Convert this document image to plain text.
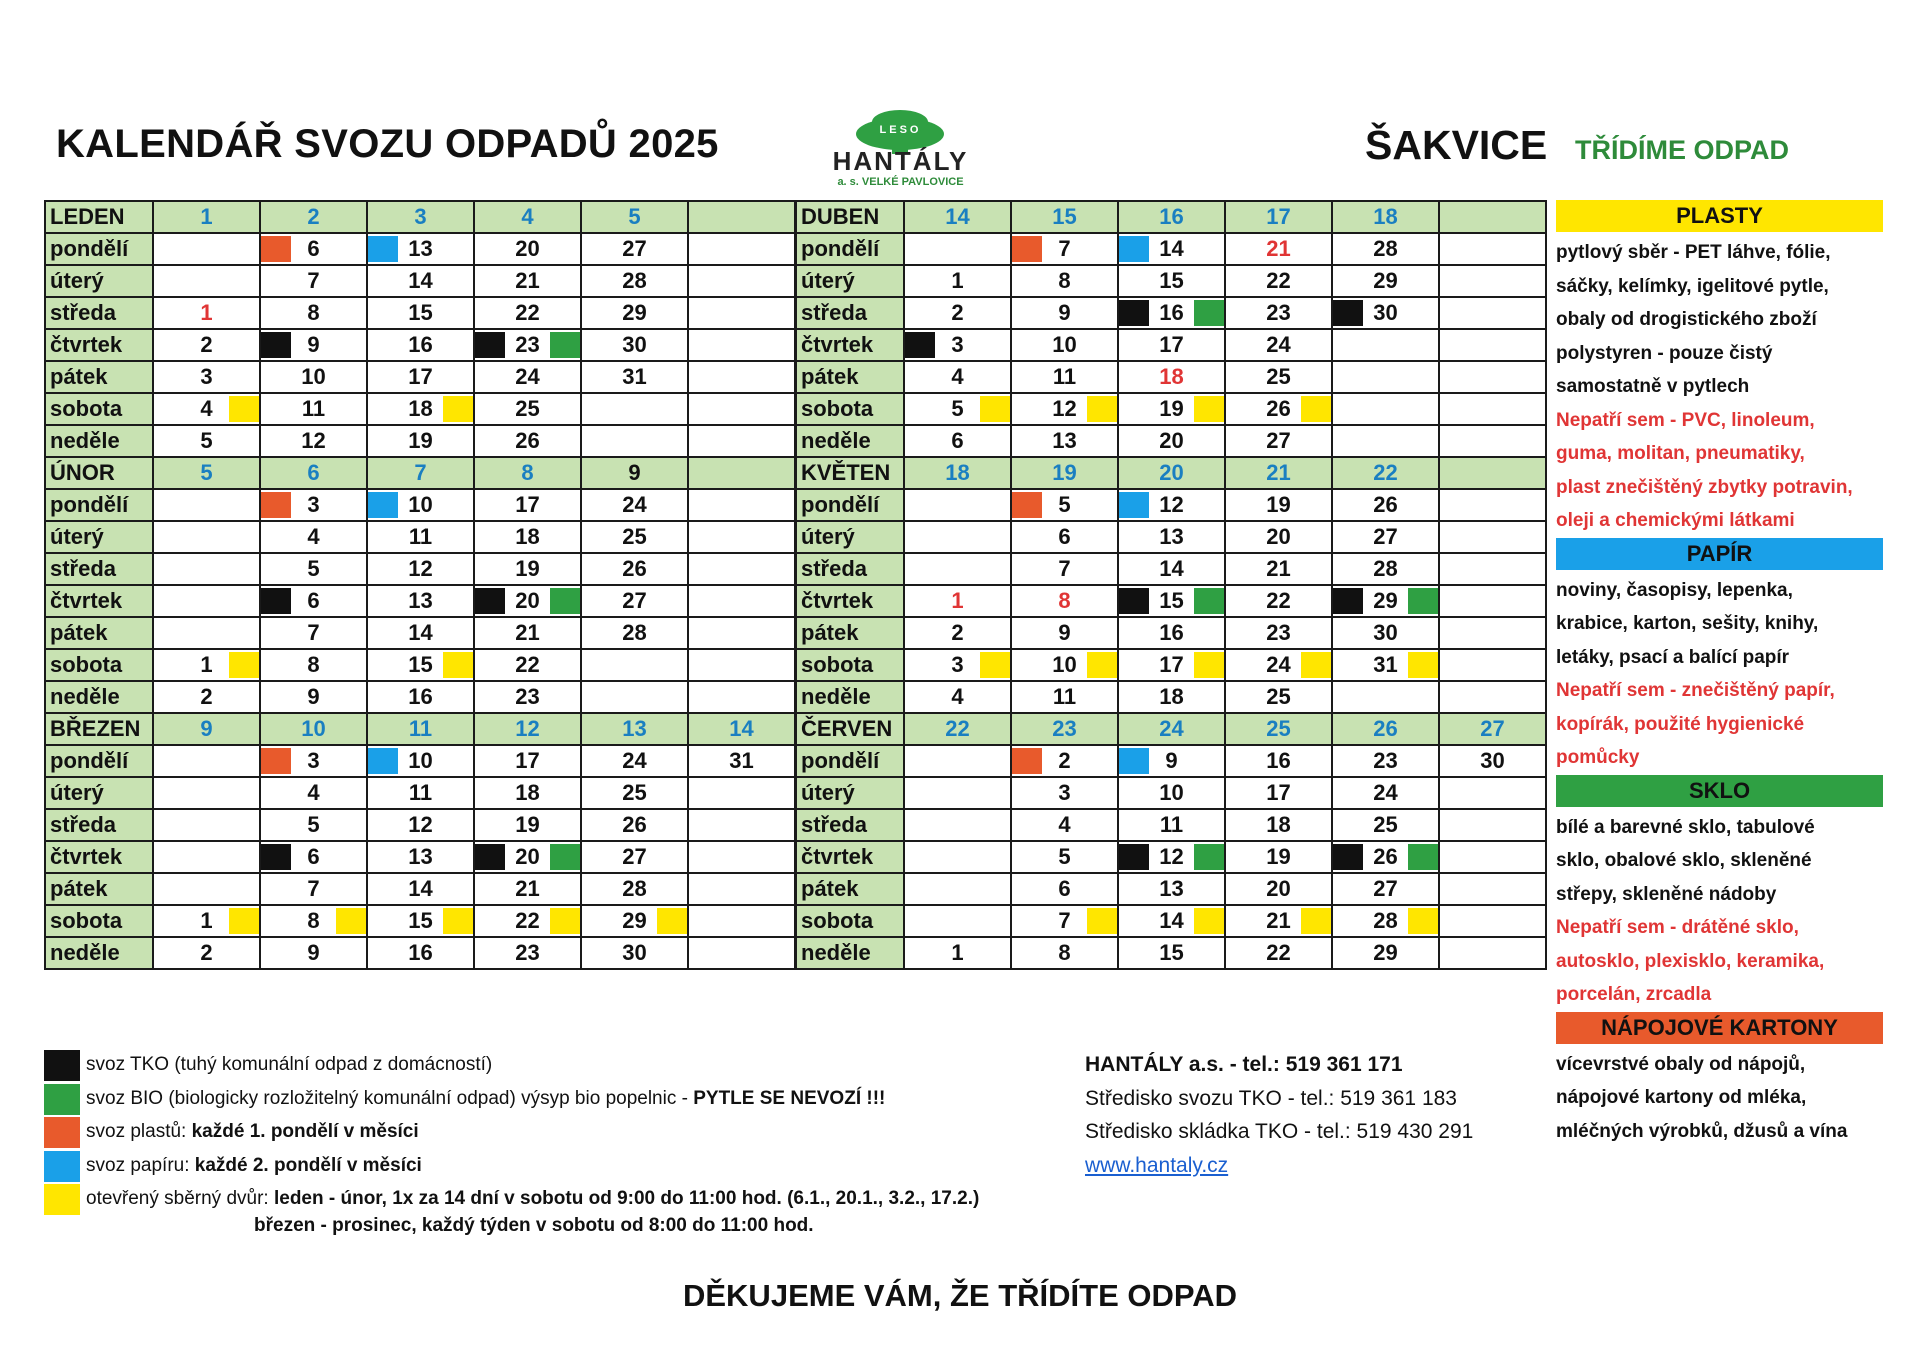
KALENDÁŘ SVOZU ODPADŮ 2025	LESO
HANTÁLY
a. s. VELKÉ PAVLOVICE
ŠAKVICE TŘÍDÍME ODPAD
LEDEN	1	2	3	4	5	
pondělí		6	13	20	27	
úterý		7	14	21	28	
středa	1	8	15	22	29	
čtvrtek	2	9	16	23	30	
pátek	3	10	17	24	31	
sobota	4	11	18	25		
neděle	5	12	19	26		
ÚNOR	5	6	7	8	9	
pondělí		3	10	17	24	
úterý		4	11	18	25	
středa		5	12	19	26	
čtvrtek		6	13	20	27	
pátek		7	14	21	28	
sobota	1	8	15	22		
neděle	2	9	16	23		
BŘEZEN	9	10	11	12	13	14
pondělí		3	10	17	24	31
úterý		4	11	18	25	
středa		5	12	19	26	
čtvrtek		6	13	20	27	
pátek		7	14	21	28	
sobota	1	8	15	22	29

neděle	2	9	16	23	30	
DUBEN	14	15	16	17	18	
pondělí		7	14	21	28	
úterý	1	8	15	22	29	
středa	2	9	16	23	30	
čtvrtek	3	10	17	24		
pátek	4	11	18	25		
sobota	5	12	19	26

neděle	6	13	20	27		
KVĚTEN	18	19	20	21	22	
pondělí		5	12	19	26	
úterý		6	13	20	27	
středa		7	14	21	28	
čtvrtek	1	8	15	22	29

pátek	2	9	16	23	30	
sobota	3	10	17	24	31

neděle	4	11	18	25		
ČERVEN	22	23	24	25	26	27
pondělí		2	9	16	23	30
úterý		3	10	17	24	
středa		4	11	18	25	
čtvrtek		5	12	19	26

pátek		6	13	20	27	
sobota		7	14	21	28

neděle	1	8	15	22	29	
PLASTY
pytlový sběr - PET láhve, fólie,
sáčky, kelímky, igelitové pytle,
obaly od drogistického zboží
polystyren - pouze čistý
samostatně v pytlech
Nepatří sem - PVC, linoleum,
guma, molitan, pneumatiky,
plast znečištěný zbytky potravin,
oleji a chemickými látkami
PAPÍR
noviny, časopisy, lepenka,
krabice, karton, sešity, knihy,
letáky, psací a balící papír
Nepatří sem - znečištěný papír,
kopírák, použité hygienické
pomůcky
SKLO
bílé a barevné sklo, tabulové
sklo, obalové sklo, skleněné
střepy, skleněné nádoby
Nepatří sem - drátěné sklo,
autosklo, plexisklo, keramika,
porcelán, zrcadla
NÁPOJOVÉ KARTONY
vícevrstvé obaly od nápojů,
nápojové kartony od mléka,
mléčných výrobků, džusů a vína
svoz TKO (tuhý komunální odpad z domácností)
svoz BIO (biologicky rozložitelný komunální odpad) výsyp bio popelnic - PYTLE SE NEVOZÍ !!!
svoz plastů: každé 1. pondělí v měsíci
svoz papíru: každé 2. pondělí v měsíci
otevřený sběrný dvůr: leden - únor, 1x za 14 dní v sobotu od 9:00 do 11:00 hod. (6.1., 20.1., 3.2., 17.2.)
březen - prosinec, každý týden v sobotu od 8:00 do 11:00 hod.
HANTÁLY a.s. - tel.: 519 361 171
Středisko svozu TKO - tel.: 519 361 183
Středisko skládka TKO - tel.: 519 430 291
www.hantaly.cz
DĚKUJEME VÁM, ŽE TŘÍDÍTE ODPAD
